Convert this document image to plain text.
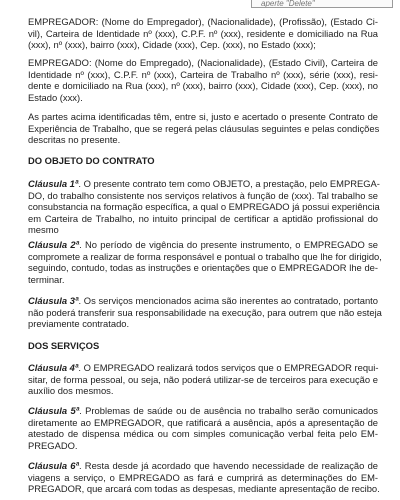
aperte "Delete"
EMPREGADOR: (Nome do Empregador), (Nacionalidade), (Profissão), (Estado Ci-
vil), Carteira de Identidade nº (xxx), C.P.F. nº (xxx), residente e domiciliado na Rua
(xxx), nº (xxx), bairro (xxx), Cidade (xxx), Cep. (xxx), no Estado (xxx);
EMPREGADO: (Nome do Empregado), (Nacionalidade), (Estado Civil), Carteira de
Identidade nº (xxx), C.P.F. nº (xxx), Carteira de Trabalho nº (xxx), série (xxx), resi-
dente e domiciliado na Rua (xxx), nº (xxx), bairro (xxx), Cidade (xxx), Cep. (xxx), no
Estado (xxx).
As partes acima identificadas têm, entre si, justo e acertado o presente Contrato de
Experiência de Trabalho, que se regerá pelas cláusulas seguintes e pelas condições
descritas no presente.
DO OBJETO DO CONTRATO
Cláusula 1ª. O presente contrato tem como OBJETO, a prestação, pelo EMPREGA-
DO, do trabalho consistente nos serviços relativos à função de (xxx). Tal trabalho se
consubstancia na formação específica, a qual o EMPREGADO já possui experiência
em Carteira de Trabalho, no intuito principal de certificar a aptidão profissional do
mesmo
Cláusula 2ª. No período de vigência do presente instrumento, o EMPREGADO se
compromete a realizar de forma responsável e pontual o trabalho que lhe for dirigido,
seguindo, contudo, todas as instruções e orientações que o EMPREGADOR lhe de-
terminar.
Cláusula 3ª. Os serviços mencionados acima são inerentes ao contratado, portanto
não poderá transferir sua responsabilidade na execução, para outrem que não esteja
previamente contratado.
DOS SERVIÇOS
Cláusula 4ª. O EMPREGADO realizará todos serviços que o EMPREGADOR requi-
sitar, de forma pessoal, ou seja, não poderá utilizar-se de terceiros para execução e
auxílio dos mesmos.
Cláusula 5ª. Problemas de saúde ou de ausência no trabalho serão comunicados
diretamente ao EMPREGADOR, que ratificará a ausência, após a apresentação de
atestado de dispensa médica ou com simples comunicação verbal feita pelo EM-
PREGADO.
Cláusula 6ª. Resta desde já acordado que havendo necessidade de realização de
viagens a serviço, o EMPREGADO as fará e cumprirá as determinações do EM-
PREGADOR, que arcará com todas as despesas, mediante apresentação de recibo.
